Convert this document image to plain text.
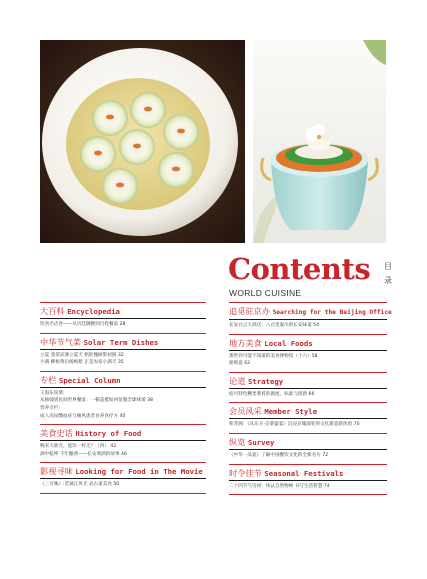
Contents 目录
WORLD CUISINE
大百科 Encyclopedia
饮食名店卷——从宫廷御膳到百姓餐桌 28
中华节气菜 Solar Term Dishes
立夏 蒸架凉薄立夏天 梧肚槐树影初圆 32
小满 柳树黄后杨梅紫 正是农家小满天 35
专栏 Special Column
王海东说菜:
从杨啸到民间世界餐宴：一顿盖挺如何征服全球味蕾 38
营养专栏:
成人高尿酸血症与痛风患者食养食疗方 40
美食史话 History of Food
晚来天欲雪，能饮一杯无？（四） 42
酒中乾坤 千年酿香——长安黄酒的故事 46
影视寻味 Looking for Food in The Movie
《三百味》:贯通江风光 品古道美食 50
追觅驻京办 Searching for the Beijing Office
长安白云大酒店：八百里秦川的长安味道 54
地方美食 Local Foods
那些你可能不知道的美食博物馆（十六）58
鹿鸣宴 62
论道 Strategy
绍兴特色糟类菜肴的源流、标准与创新 66
会员风采 Member Style
和芳阁：《从东方·京菜盛宴》沉浸京城深处的文化新意新体验 70
纵览 Survey
《中华一品宴》了解中国餐饮文化的全新名片 72
时令佳节 Seasonal Festivals
二十四节气诗词：体认自然物候 书写生活智慧 74
